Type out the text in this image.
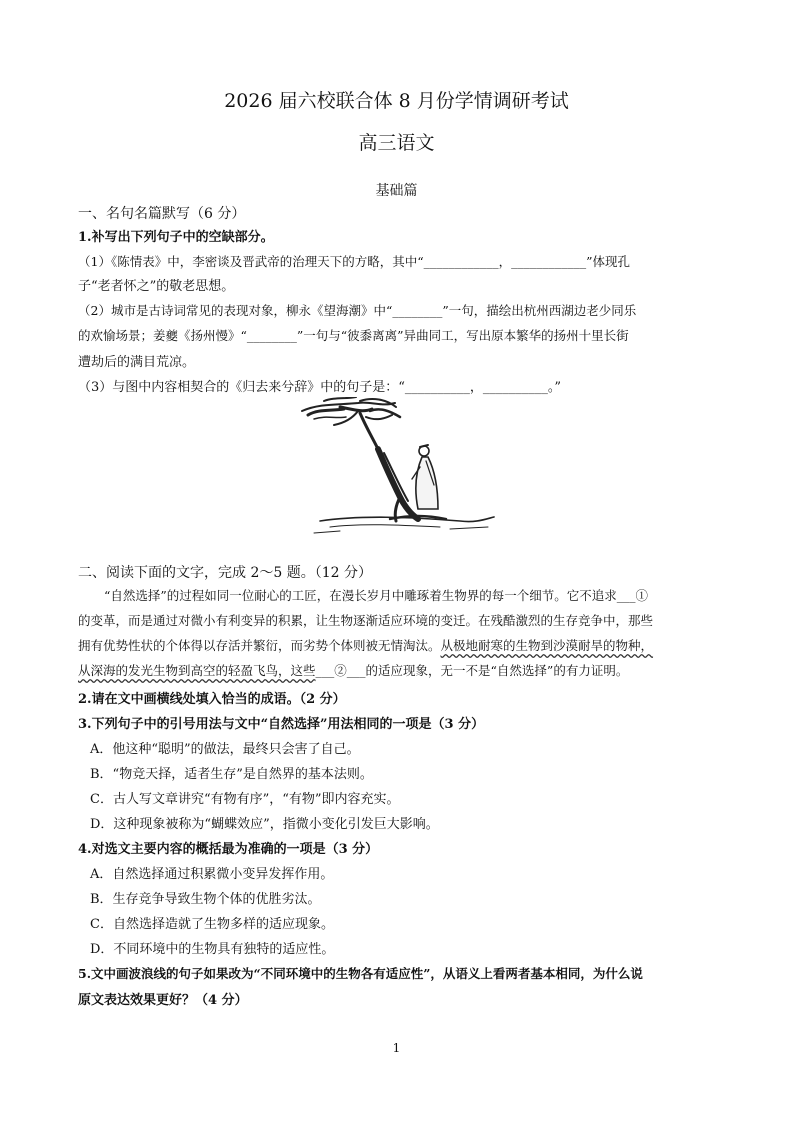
2026 届六校联合体 8 月份学情调研考试
高三语文
基础篇
一、名句名篇默写（6 分）
1.补写出下列句子中的空缺部分。
（1）《陈情表》中，李密谈及晋武帝的治理天下的方略，其中“____________，____________”体现孔
子“老者怀之”的敬老思想。
（2）城市是古诗词常见的表现对象，柳永《望海潮》中“________”一句，描绘出杭州西湖边老少同乐
的欢愉场景；姜夔《扬州慢》“________”一句与“彼黍离离”异曲同工，写出原本繁华的扬州十里长街
遭劫后的满目荒凉。
（3）与图中内容相契合的《归去来兮辞》中的句子是：“__________，__________。”
二、阅读下面的文字，完成 2～5 题。（12 分）
“自然选择”的过程如同一位耐心的工匠，在漫长岁月中雕琢着生物界的每一个细节。它不追求___①
的变革，而是通过对微小有利变异的积累，让生物逐渐适应环境的变迁。在残酷激烈的生存竞争中，那些
拥有优势性状的个体得以存活并繁衍，而劣势个体则被无情淘汰。从极地耐寒的生物到沙漠耐旱的物种，
从深海的发光生物到高空的轻盈飞鸟，这些___②___的适应现象，无一不是“自然选择”的有力证明。
2.请在文中画横线处填入恰当的成语。（2 分）
3.下列句子中的引号用法与文中“自然选择”用法相同的一项是（3 分）
A．他这种“聪明”的做法，最终只会害了自己。
B．“物竞天择，适者生存”是自然界的基本法则。
C．古人写文章讲究“有物有序”，“有物”即内容充实。
D．这种现象被称为“蝴蝶效应”，指微小变化引发巨大影响。
4.对选文主要内容的概括最为准确的一项是（3 分）
A．自然选择通过积累微小变异发挥作用。
B．生存竞争导致生物个体的优胜劣汰。
C．自然选择造就了生物多样的适应现象。
D．不同环境中的生物具有独特的适应性。
5.文中画波浪线的句子如果改为“不同环境中的生物各有适应性”，从语义上看两者基本相同，为什么说
原文表达效果更好？（4 分）
1
